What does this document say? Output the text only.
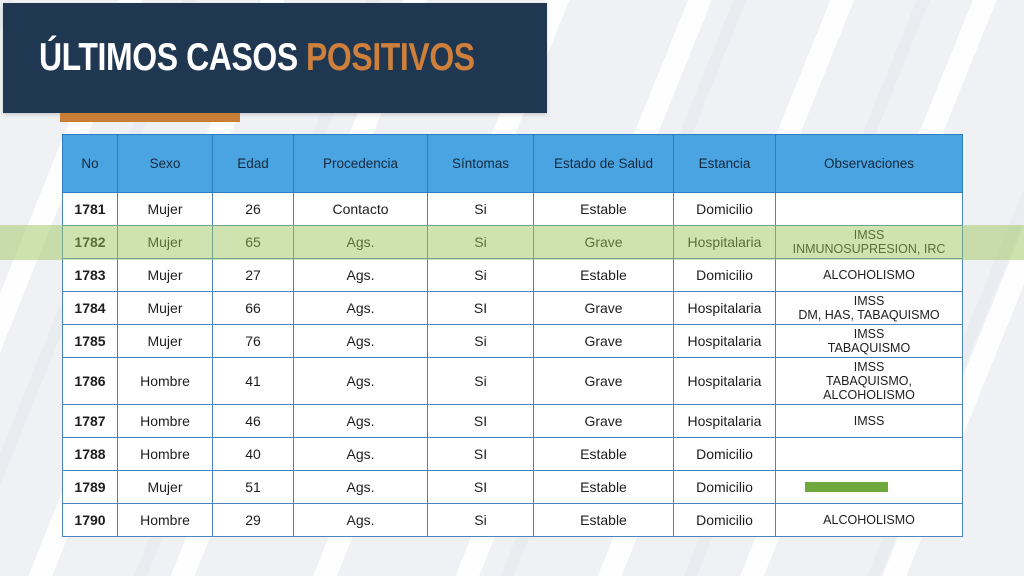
ÚLTIMOS CASOS POSITIVOS
No	Sexo	Edad	Procedencia	Síntomas	Estado de Salud	Estancia	Observaciones
1781	Mujer	26	Contacto	Si	Estable	Domicilio	
1782	Mujer	65	Ags.	Si	Grave	Hospitalaria	IMSS
INMUNOSUPRESION, IRC
1783	Mujer	27	Ags.	Si	Estable	Domicilio	ALCOHOLISMO
1784	Mujer	66	Ags.	SI	Grave	Hospitalaria	IMSS
DM, HAS, TABAQUISMO
1785	Mujer	76	Ags.	Si	Grave	Hospitalaria	IMSS
TABAQUISMO
1786	Hombre	41	Ags.	Si	Grave	Hospitalaria	IMSS
TABAQUISMO,
ALCOHOLISMO
1787	Hombre	46	Ags.	SI	Grave	Hospitalaria	IMSS
1788	Hombre	40	Ags.	SI	Estable	Domicilio	
1789	Mujer	51	Ags.	SI	Estable	Domicilio	

1790	Hombre	29	Ags.	Si	Estable	Domicilio	ALCOHOLISMO
